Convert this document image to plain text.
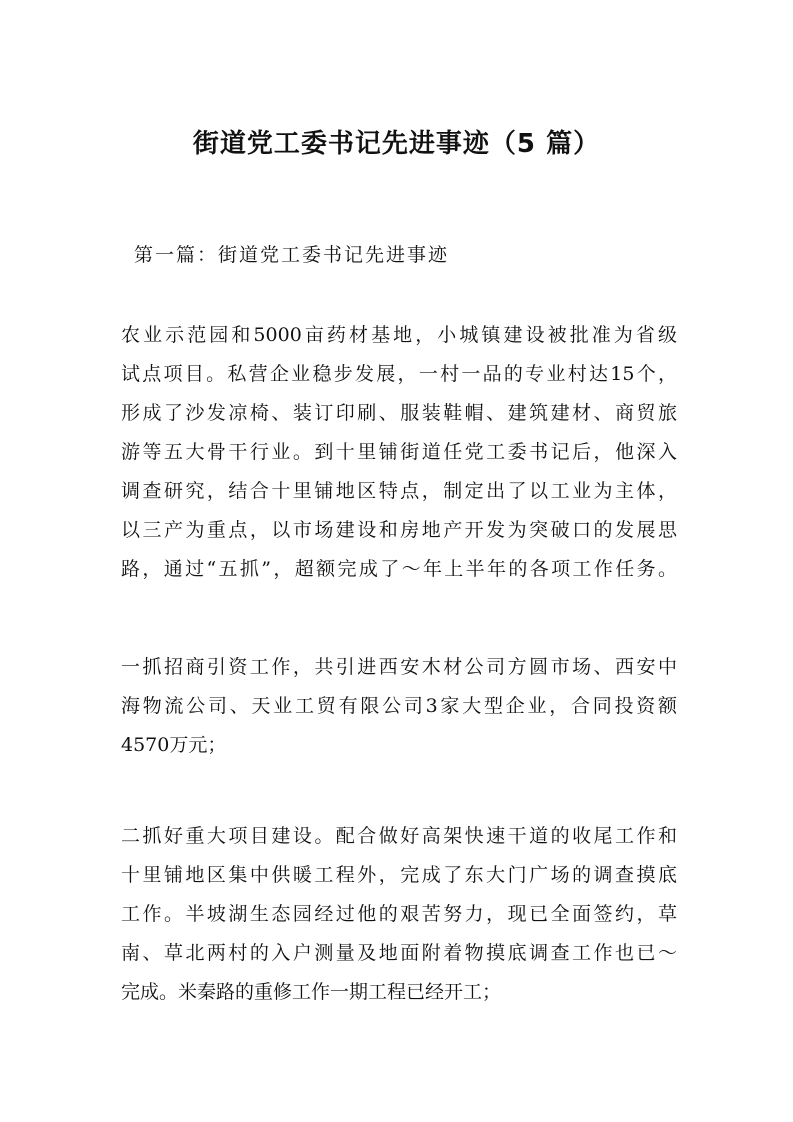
街道党工委书记先进事迹（5 篇）
第一篇：街道党工委书记先进事迹
农业示范园和5000亩药材基地，小城镇建设被批准为省级
试点项目。私营企业稳步发展，一村一品的专业村达15个，
形成了沙发凉椅、装订印刷、服装鞋帽、建筑建材、商贸旅
游等五大骨干行业。到十里铺街道任党工委书记后，他深入
调查研究，结合十里铺地区特点，制定出了以工业为主体，
以三产为重点，以市场建设和房地产开发为突破口的发展思
路，通过“五抓”，超额完成了～年上半年的各项工作任务。
一抓招商引资工作，共引进西安木材公司方圆市场、西安中
海物流公司、天业工贸有限公司3家大型企业，合同投资额
4570万元；
二抓好重大项目建设。配合做好高架快速干道的收尾工作和
十里铺地区集中供暖工程外，完成了东大门广场的调查摸底
工作。半坡湖生态园经过他的艰苦努力，现已全面签约，草
南、草北两村的入户测量及地面附着物摸底调查工作也已～
完成。米秦路的重修工作一期工程已经开工；
